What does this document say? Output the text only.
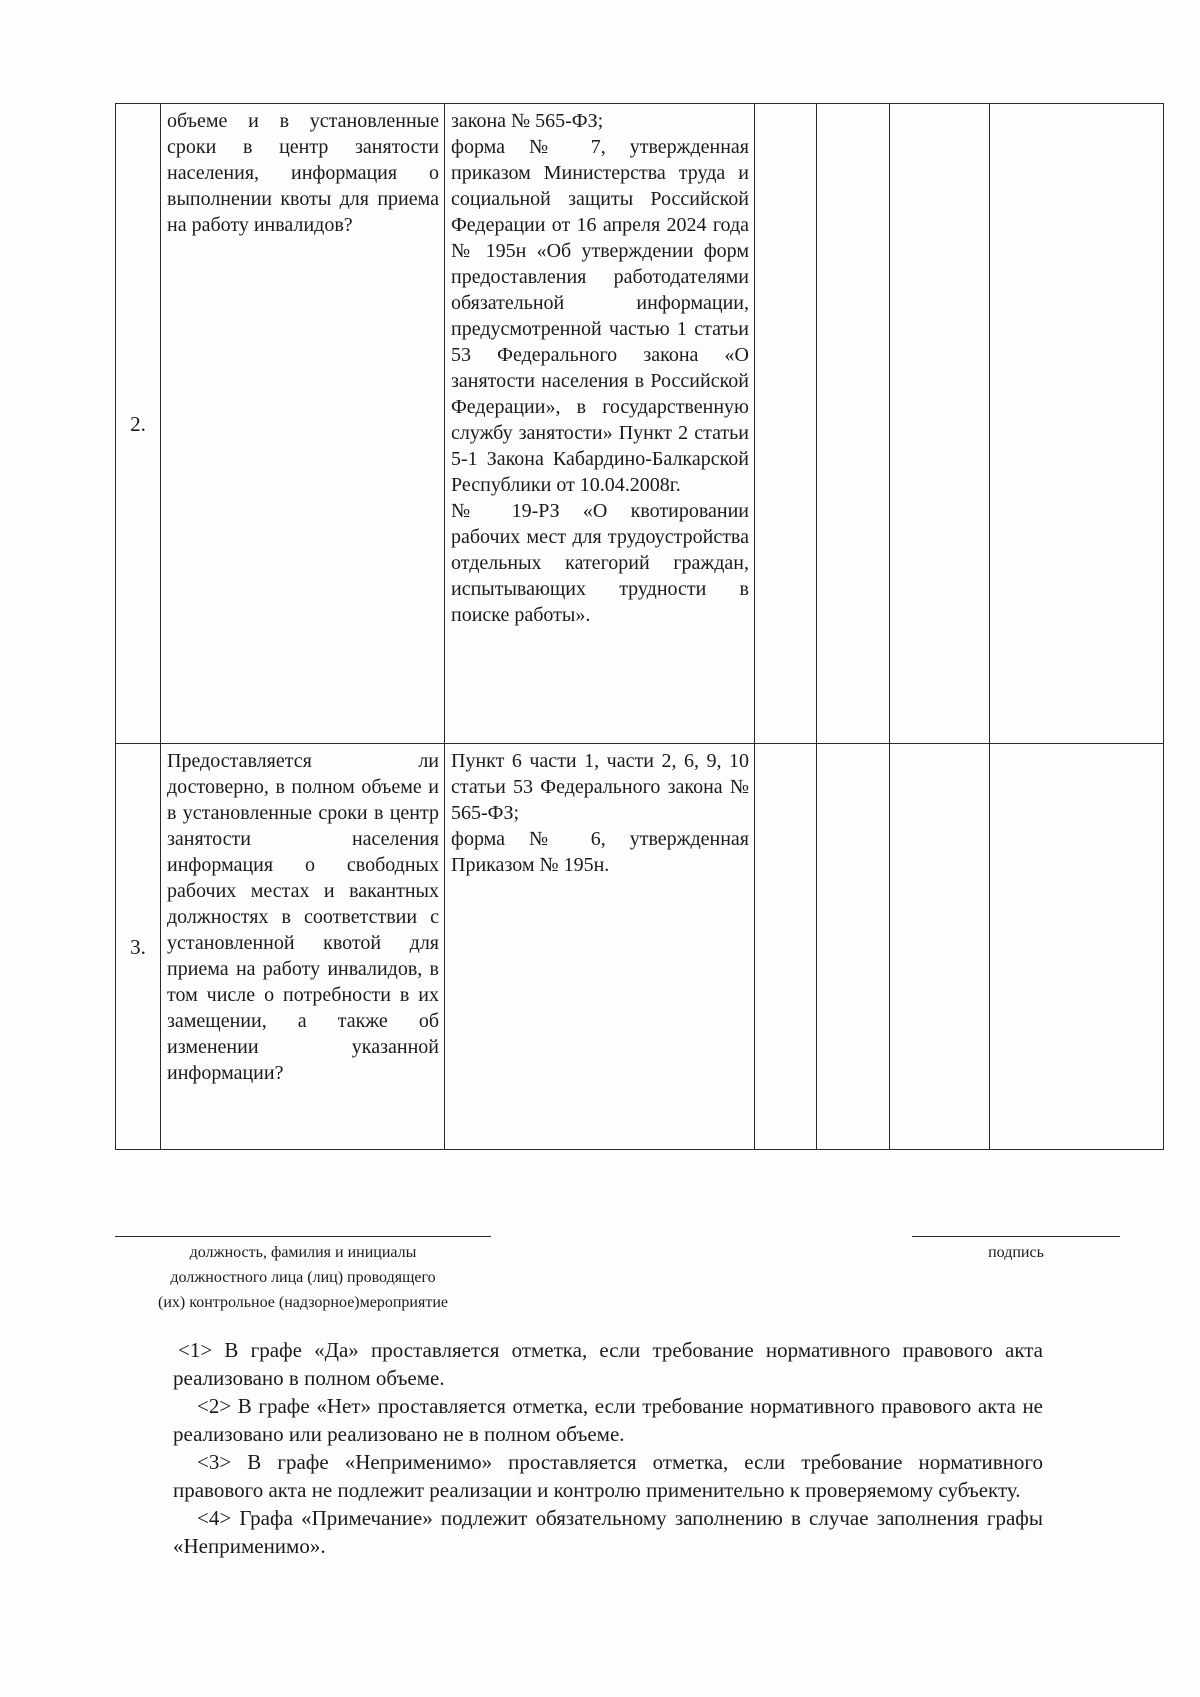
2.	объеме и в установленные сроки в центр занятости населения, информация о выполнении квоты для приема на работу инвалидов?	закона № 565-ФЗ;

форма № 7, утвержденная приказом Министерства труда и социальной защиты Российской Федерации от 16 апреля 2024 года № 195н «Об утверждении форм предоставления работодателями обязательной информации, предусмотренной частью 1 статьи 53 Федерального закона «О занятости населения в Российской Федерации», в государственную службу занятости» Пункт 2 статьи 5-1 Закона Кабардино-Балкарской Республики от 10.04.2008г.

№ 19-РЗ «О квотировании рабочих мест для трудоустройства отдельных категорий граждан, испытывающих трудности в поиске работы».				

3.	Предоставляется ли достоверно, в полном объеме и в установленные сроки в центр занятости населения информация о свободных рабочих местах и вакантных должностях в соответствии с установленной квотой для приема на работу инвалидов, в том числе о потребности в их замещении, а также об изменении указанной информации?	Пункт 6 части 1, части 2, 6, 9, 10 статьи 53 Федерального закона № 565-ФЗ;

форма № 6, утвержденная Приказом № 195н.				

должность, фамилия и инициалы
должностного лица (лиц) проводящего
(их) контрольное (надзорное)мероприятие
подпись

<1> В графе «Да» проставляется отметка, если требование нормативного правового акта реализовано в полном объеме.

<2> В графе «Нет» проставляется отметка, если требование нормативного правового акта не реализовано или реализовано не в полном объеме.

<3> В графе «Неприменимо» проставляется отметка, если требование нормативного правового акта не подлежит реализации и контролю применительно к проверяемому субъекту.

<4> Графа «Примечание» подлежит обязательному заполнению в случае заполнения графы «Неприменимо».
